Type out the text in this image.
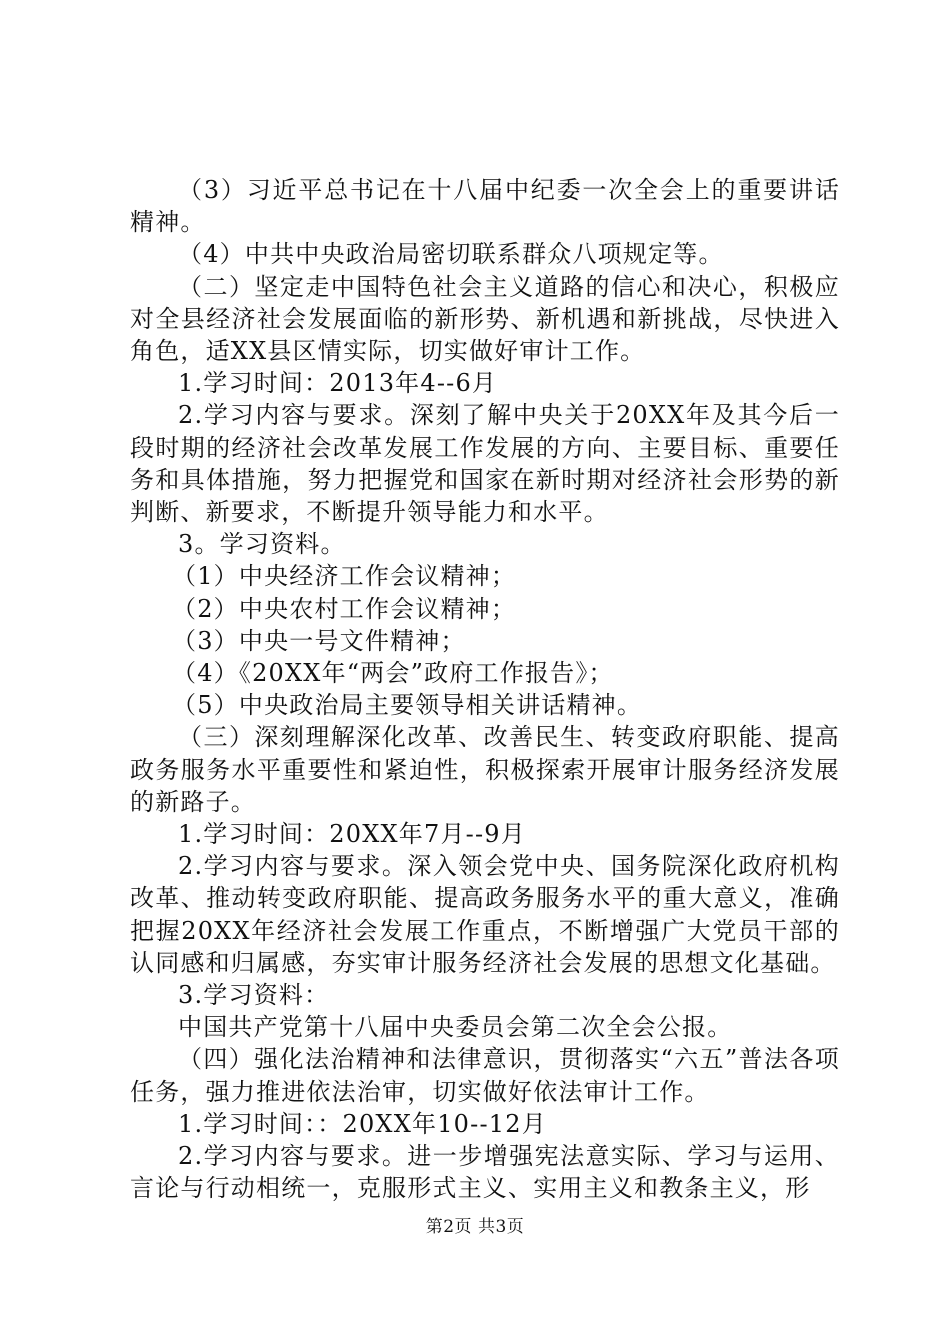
（3）习近平总书记在十八届中纪委一次全会上的重要讲话精神。

（4）中共中央政治局密切联系群众八项规定等。

（二）坚定走中国特色社会主义道路的信心和决心，积极应对全县经济社会发展面临的新形势、新机遇和新挑战，尽快进入角色，适XX县区情实际，切实做好审计工作。

1.学习时间：2013年4--6月

2.学习内容与要求。深刻了解中央关于20XX年及其今后一段时期的经济社会改革发展工作发展的方向、主要目标、重要任务和具体措施，努力把握党和国家在新时期对经济社会形势的新判断、新要求，不断提升领导能力和水平。

3。学习资料。

（1）中央经济工作会议精神；

（2）中央农村工作会议精神；

（3）中央一号文件精神；

（4）《20XX年“两会”政府工作报告》；

（5）中央政治局主要领导相关讲话精神。

（三）深刻理解深化改革、改善民生、转变政府职能、提高政务服务水平重要性和紧迫性，积极探索开展审计服务经济发展的新路子。

1.学习时间：20XX年7月--9月

2.学习内容与要求。深入领会党中央、国务院深化政府机构改革、推动转变政府职能、提高政务服务水平的重大意义，准确把握20XX年经济社会发展工作重点，不断增强广大党员干部的认同感和归属感，夯实审计服务经济社会发展的思想文化基础。

3.学习资料：

中国共产党第十八届中央委员会第二次全会公报。

（四）强化法治精神和法律意识，贯彻落实“六五”普法各项任务，强力推进依法治审，切实做好依法审计工作。

1.学习时间：：20XX年10--12月

2.学习内容与要求。进一步增强宪法意实际、学习与运用、言论与行动相统一，克服形式主义、实用主义和教条主义，形

第2页 共3页
